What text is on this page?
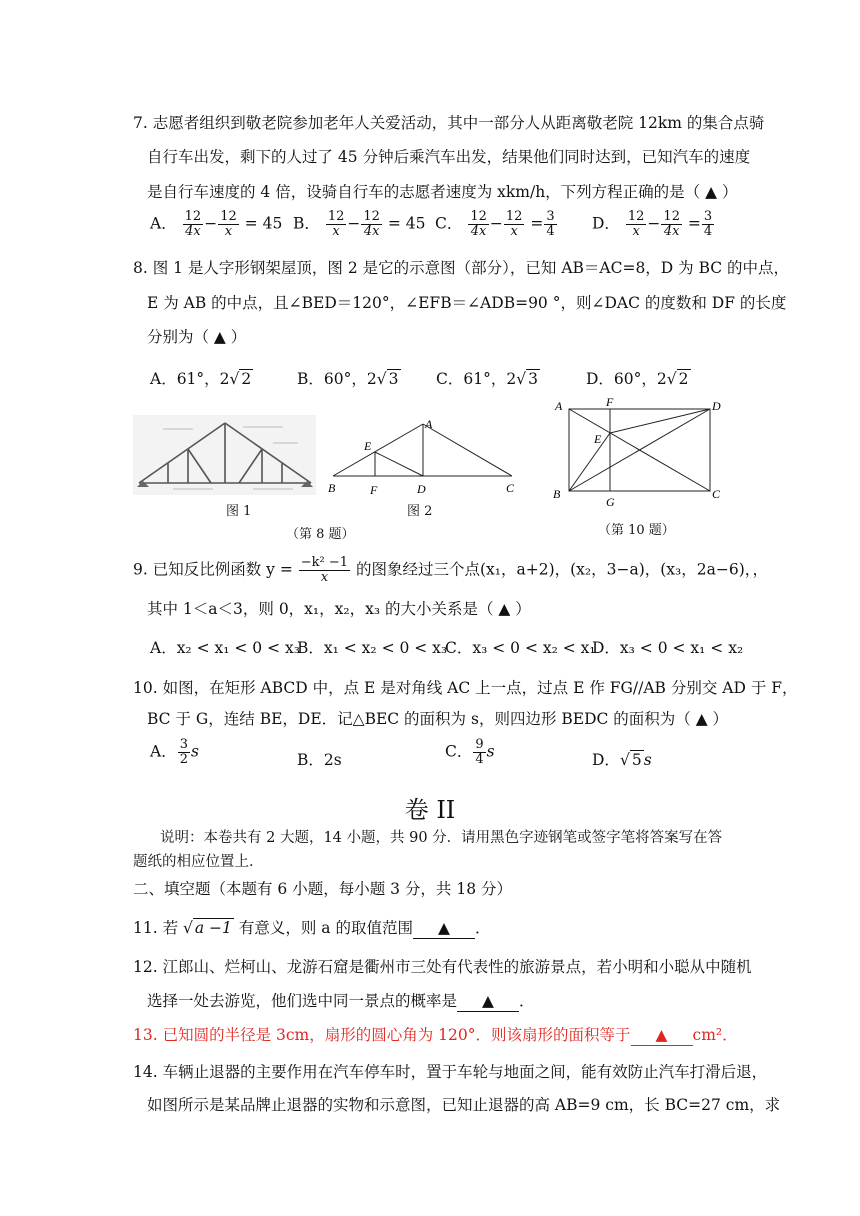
7. 志愿者组织到敬老院参加老年人关爱活动，其中一部分人从距离敬老院 12km 的集合点骑
自行车出发，剩下的人过了 45 分钟后乘汽车出发，结果他们同时达到，已知汽车的速度
是自行车速度的 4 倍，设骑自行车的志愿者速度为 xkm/h，下列方程正确的是（ ▲ ）
A． $\frac{12}{4x} - \frac{12}{x} = 45$ B． $\frac{12}{x} - \frac{12}{4x} = 45$ C． $\frac{12}{4x} - \frac{12}{x} = \frac{3}{4}$ D． $\frac{12}{x} - \frac{12}{4x} = \frac{3}{4}$
8. 图 1 是人字形钢架屋顶，图 2 是它的示意图（部分），已知 AB＝AC=8，D 为 BC 的中点，
E 为 AB 的中点，且∠BED＝120°，∠EFB＝∠ADB=90 °，则∠DAC 的度数和 DF 的长度
分别为（ ▲ ）
A．61°，2√ 2	B．60°，2√ 3 C．61°，2√ 3	D．60°，2√ 2
图 1
A
E
B	F	D	C
图 2
（第 8 题）
A	F	D
E
B
G
C
（第 10 题）
9. 已知反比例函数 $y = \frac{\text{−k² −1}}{x}$ 的图象经过三个点(x₁，a+2)，(x₂，3−a)，(x₃，2a−6)，，
其中 1＜a＜3，则 0，x₁，x₂，x₃ 的大小关系是（ ▲ ）
A．x₂ < x₁ < 0 < x₃
B．x₁ < x₂ < 0 < x₃
C．x₃ < 0 < x₂ < x₁
D．x₃ < 0 < x₁ < x₂
10. 如图，在矩形 ABCD 中，点 E 是对角线 AC 上一点，过点 E 作 FG//AB 分别交 AD 于 F，
BC 于 G，连结 BE，DE．记△BEC 的面积为 s，则四边形 BEDC 的面积为（ ▲ ）
A． $\frac{3}{2}$ s	B．2s	C． $\frac{9}{4}$ s	D．√ 5 s
卷 II
说明：本卷共有 2 大题，14 小题，共 90 分．请用黑色字迹钢笔或签字笔将答案写在答
题纸的相应位置上．
二、填空题（本题有 6 小题，每小题 3 分，共 18 分）
11. 若 √ a −1 有意义，则 a 的取值范围 ▲ ．
12. 江郎山、烂柯山、龙游石窟是衢州市三处有代表性的旅游景点，若小明和小聪从中随机
选择一处去游览，他们选中同一景点的概率是 ▲ ．
13. 已知圆的半径是 3cm，扇形的圆心角为 120°．则该扇形的面积等于 ▲ cm²．
14. 车辆止退器的主要作用在汽车停车时，置于车轮与地面之间，能有效防止汽车打滑后退，
如图所示是某品牌止退器的实物和示意图，已知止退器的高 AB=9 cm，长 BC=27 cm，求
